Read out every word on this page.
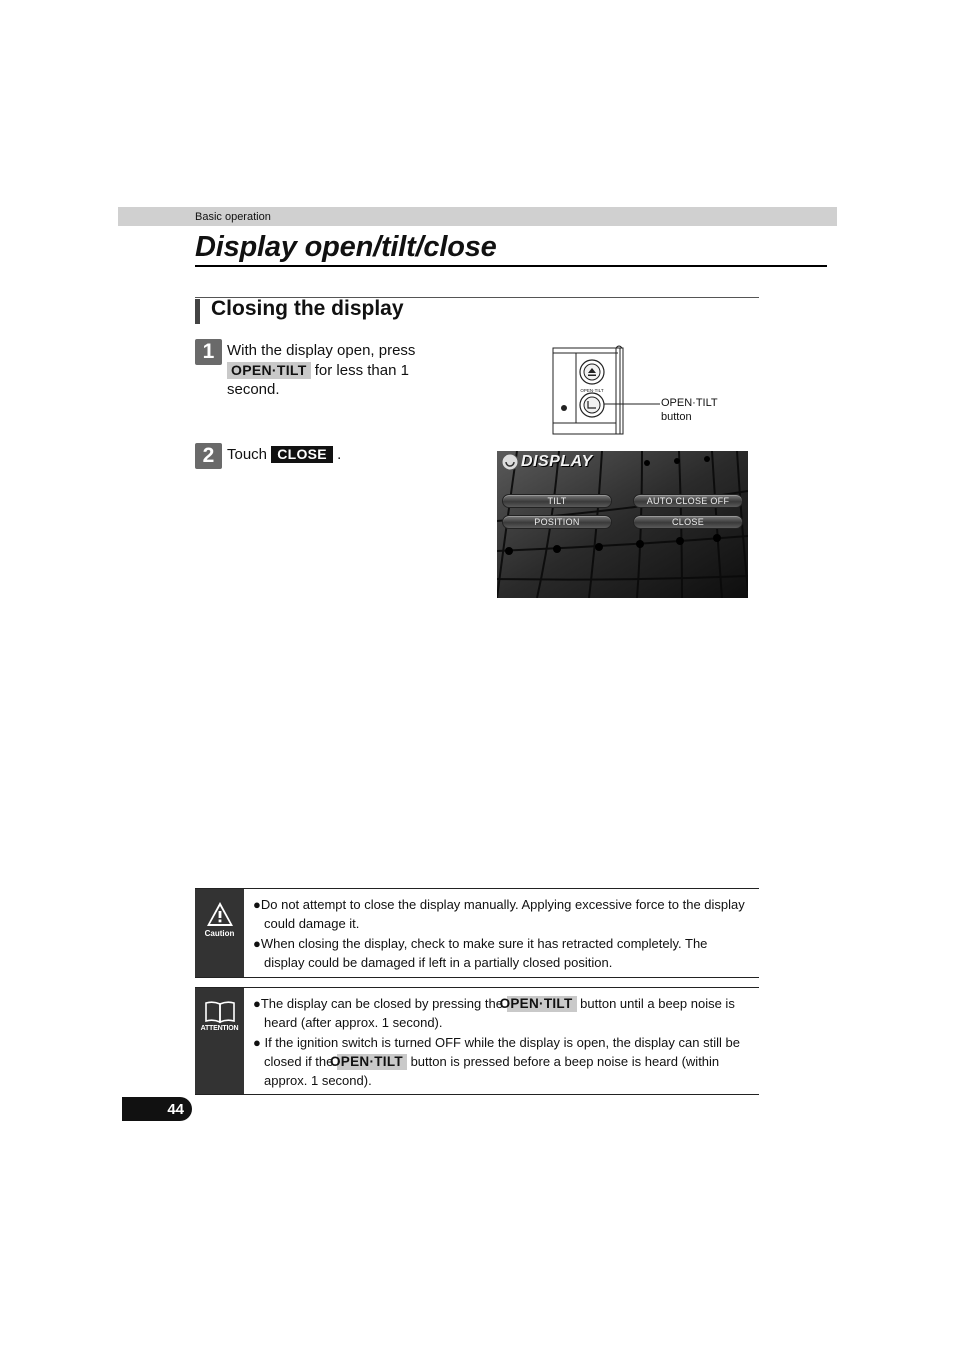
Basic operation
Display open/tilt/close
Closing the display
1 With the display open, press OPEN·TILT for less than 1 second.	OPEN·TILT
OPEN·TILT
button
2 Touch CLOSE .	DISPLAY
TILT	AUTO CLOSE OFF
POSITION	CLOSE
Caution
●Do not attempt to close the display manually. Applying excessive force to the display could damage it.
●When closing the display, check to make sure it has retracted completely. The display could be damaged if left in a partially closed position.
ATTENTION
●The display can be closed by pressing the OPEN·TILT button until a beep noise is heard (after approx. 1 second).
● If the ignition switch is turned OFF while the display is open, the display can still be closed if the OPEN·TILT button is pressed before a beep noise is heard (within approx. 1 second).
44
